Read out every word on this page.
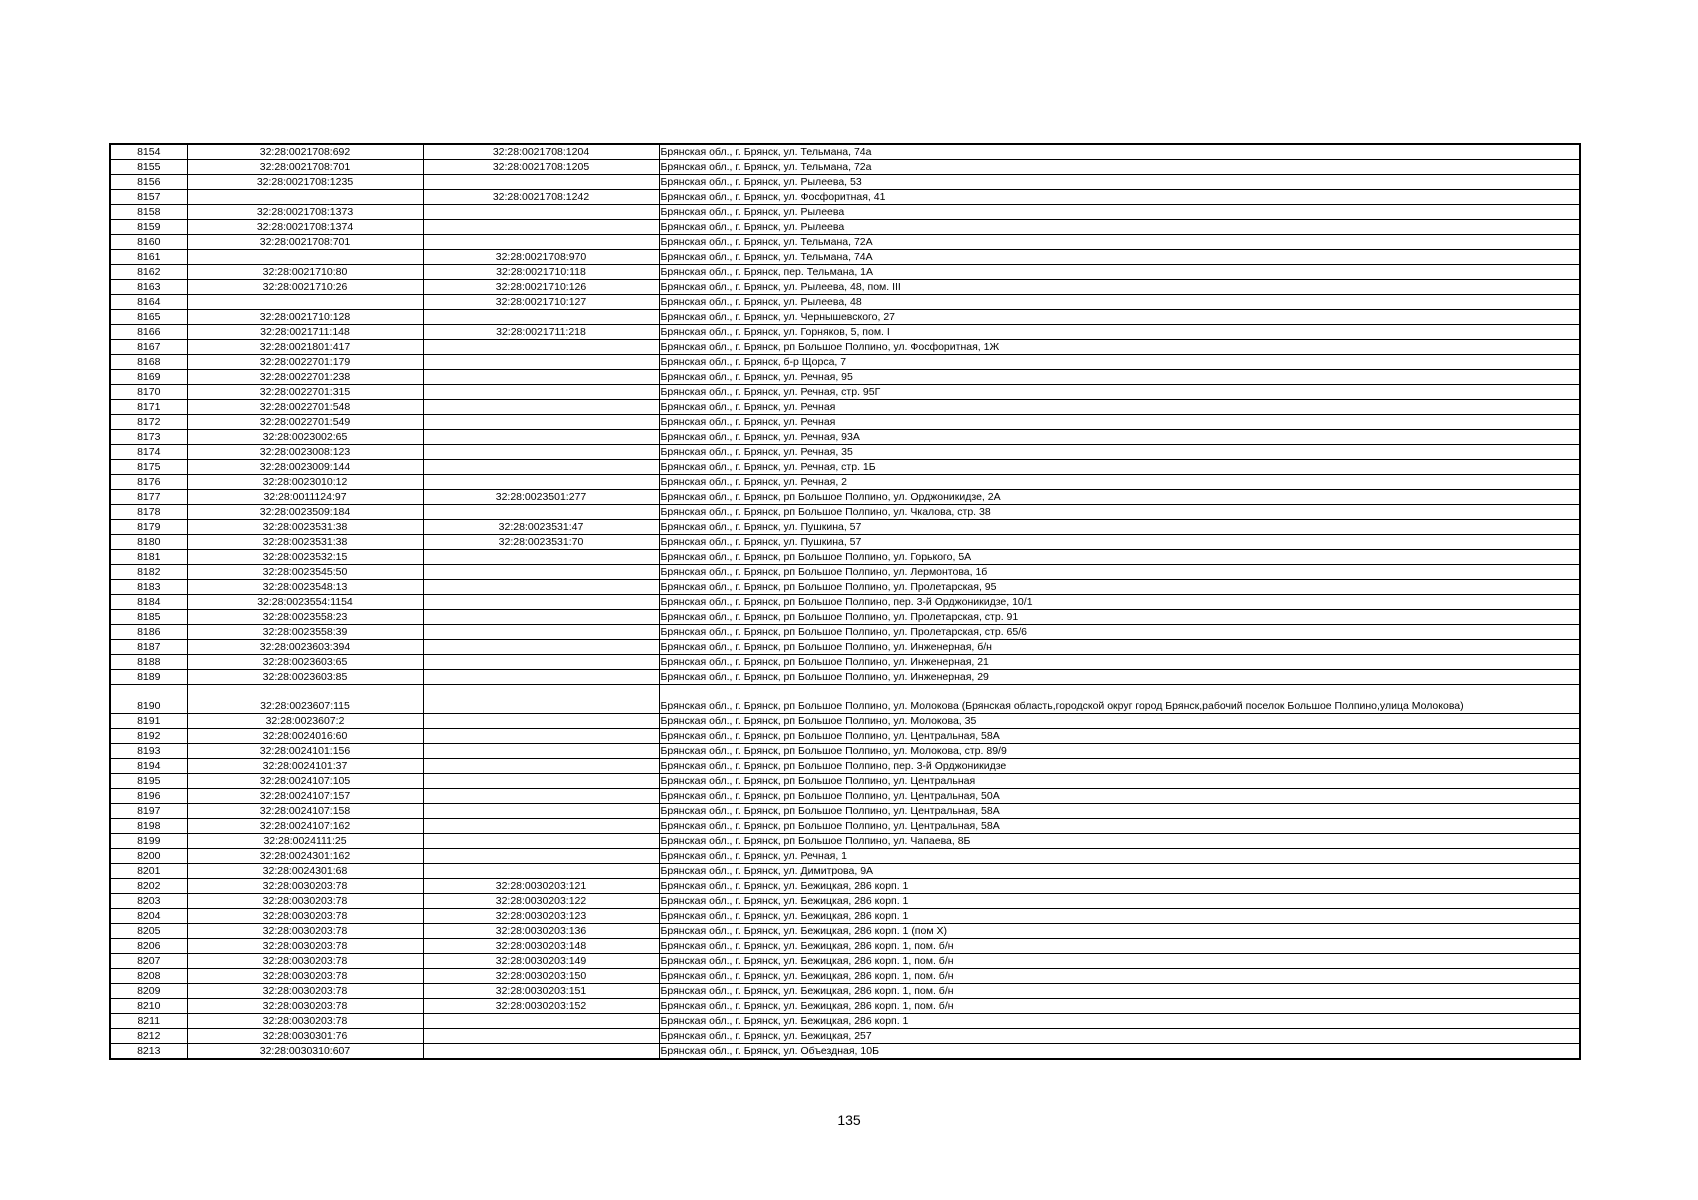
8154	32:28:0021708:692	32:28:0021708:1204	Брянская обл., г. Брянск, ул. Тельмана, 74а
8155	32:28:0021708:701	32:28:0021708:1205	Брянская обл., г. Брянск, ул. Тельмана, 72а
8156	32:28:0021708:1235		Брянская обл., г. Брянск, ул. Рылеева, 53
8157		32:28:0021708:1242	Брянская обл., г. Брянск, ул. Фосфоритная, 41
8158	32:28:0021708:1373		Брянская обл., г. Брянск, ул. Рылеева
8159	32:28:0021708:1374		Брянская обл., г. Брянск, ул. Рылеева
8160	32:28:0021708:701		Брянская обл., г. Брянск, ул. Тельмана, 72А
8161		32:28:0021708:970	Брянская обл., г. Брянск, ул. Тельмана, 74А
8162	32:28:0021710:80	32:28:0021710:118	Брянская обл., г. Брянск, пер. Тельмана, 1А
8163	32:28:0021710:26	32:28:0021710:126	Брянская обл., г. Брянск, ул. Рылеева, 48, пом. III
8164		32:28:0021710:127	Брянская обл., г. Брянск, ул. Рылеева, 48
8165	32:28:0021710:128		Брянская обл., г. Брянск, ул. Чернышевского, 27
8166	32:28:0021711:148	32:28:0021711:218	Брянская обл., г. Брянск, ул. Горняков, 5, пом. I
8167	32:28:0021801:417		Брянская обл., г. Брянск, рп Большое Полпино, ул. Фосфоритная, 1Ж
8168	32:28:0022701:179		Брянская обл., г. Брянск, б-р Щорса, 7
8169	32:28:0022701:238		Брянская обл., г. Брянск, ул. Речная, 95
8170	32:28:0022701:315		Брянская обл., г. Брянск, ул. Речная, стр. 95Г
8171	32:28:0022701:548		Брянская обл., г. Брянск, ул. Речная
8172	32:28:0022701:549		Брянская обл., г. Брянск, ул. Речная
8173	32:28:0023002:65		Брянская обл., г. Брянск, ул. Речная, 93А
8174	32:28:0023008:123		Брянская обл., г. Брянск, ул. Речная, 35
8175	32:28:0023009:144		Брянская обл., г. Брянск, ул. Речная, стр. 1Б
8176	32:28:0023010:12		Брянская обл., г. Брянск, ул. Речная, 2
8177	32:28:0011124:97	32:28:0023501:277	Брянская обл., г. Брянск, рп Большое Полпино, ул. Орджоникидзе, 2А
8178	32:28:0023509:184		Брянская обл., г. Брянск, рп Большое Полпино, ул. Чкалова, стр. 38
8179	32:28:0023531:38	32:28:0023531:47	Брянская обл., г. Брянск, ул. Пушкина, 57
8180	32:28:0023531:38	32:28:0023531:70	Брянская обл., г. Брянск, ул. Пушкина, 57
8181	32:28:0023532:15		Брянская обл., г. Брянск, рп Большое Полпино, ул. Горького, 5А
8182	32:28:0023545:50		Брянская обл., г. Брянск, рп Большое Полпино, ул. Лермонтова, 1б
8183	32:28:0023548:13		Брянская обл., г. Брянск, рп Большое Полпино, ул. Пролетарская, 95
8184	32:28:0023554:1154		Брянская обл., г. Брянск, рп Большое Полпино, пер. 3-й Орджоникидзе, 10/1
8185	32:28:0023558:23		Брянская обл., г. Брянск, рп Большое Полпино, ул. Пролетарская, стр. 91
8186	32:28:0023558:39		Брянская обл., г. Брянск, рп Большое Полпино, ул. Пролетарская, стр. 65/6
8187	32:28:0023603:394		Брянская обл., г. Брянск, рп Большое Полпино, ул. Инженерная, б/н
8188	32:28:0023603:65		Брянская обл., г. Брянск, рп Большое Полпино, ул. Инженерная, 21
8189	32:28:0023603:85		Брянская обл., г. Брянск, рп Большое Полпино, ул. Инженерная, 29
8190	32:28:0023607:115		Брянская обл., г. Брянск, рп Большое Полпино, ул. Молокова (Брянская область,городской округ город Брянск,рабочий поселок Большое Полпино,улица Молокова)
8191	32:28:0023607:2		Брянская обл., г. Брянск, рп Большое Полпино, ул. Молокова, 35
8192	32:28:0024016:60		Брянская обл., г. Брянск, рп Большое Полпино, ул. Центральная, 58А
8193	32:28:0024101:156		Брянская обл., г. Брянск, рп Большое Полпино, ул. Молокова, стр. 89/9
8194	32:28:0024101:37		Брянская обл., г. Брянск, рп Большое Полпино, пер. 3-й Орджоникидзе
8195	32:28:0024107:105		Брянская обл., г. Брянск, рп Большое Полпино, ул. Центральная
8196	32:28:0024107:157		Брянская обл., г. Брянск, рп Большое Полпино, ул. Центральная, 50А
8197	32:28:0024107:158		Брянская обл., г. Брянск, рп Большое Полпино, ул. Центральная, 58А
8198	32:28:0024107:162		Брянская обл., г. Брянск, рп Большое Полпино, ул. Центральная, 58А
8199	32:28:0024111:25		Брянская обл., г. Брянск, рп Большое Полпино, ул. Чапаева, 8Б
8200	32:28:0024301:162		Брянская обл., г. Брянск, ул. Речная, 1
8201	32:28:0024301:68		Брянская обл., г. Брянск, ул. Димитрова, 9А
8202	32:28:0030203:78	32:28:0030203:121	Брянская обл., г. Брянск, ул. Бежицкая, 286 корп. 1
8203	32:28:0030203:78	32:28:0030203:122	Брянская обл., г. Брянск, ул. Бежицкая, 286 корп. 1
8204	32:28:0030203:78	32:28:0030203:123	Брянская обл., г. Брянск, ул. Бежицкая, 286 корп. 1
8205	32:28:0030203:78	32:28:0030203:136	Брянская обл., г. Брянск, ул. Бежицкая, 286 корп. 1 (пом X)
8206	32:28:0030203:78	32:28:0030203:148	Брянская обл., г. Брянск, ул. Бежицкая, 286 корп. 1, пом. б/н
8207	32:28:0030203:78	32:28:0030203:149	Брянская обл., г. Брянск, ул. Бежицкая, 286 корп. 1, пом. б/н
8208	32:28:0030203:78	32:28:0030203:150	Брянская обл., г. Брянск, ул. Бежицкая, 286 корп. 1, пом. б/н
8209	32:28:0030203:78	32:28:0030203:151	Брянская обл., г. Брянск, ул. Бежицкая, 286 корп. 1, пом. б/н
8210	32:28:0030203:78	32:28:0030203:152	Брянская обл., г. Брянск, ул. Бежицкая, 286 корп. 1, пом. б/н
8211	32:28:0030203:78		Брянская обл., г. Брянск, ул. Бежицкая, 286 корп. 1
8212	32:28:0030301:76		Брянская обл., г. Брянск, ул. Бежицкая, 257
8213	32:28:0030310:607		Брянская обл., г. Брянск, ул. Объездная, 10Б
135
